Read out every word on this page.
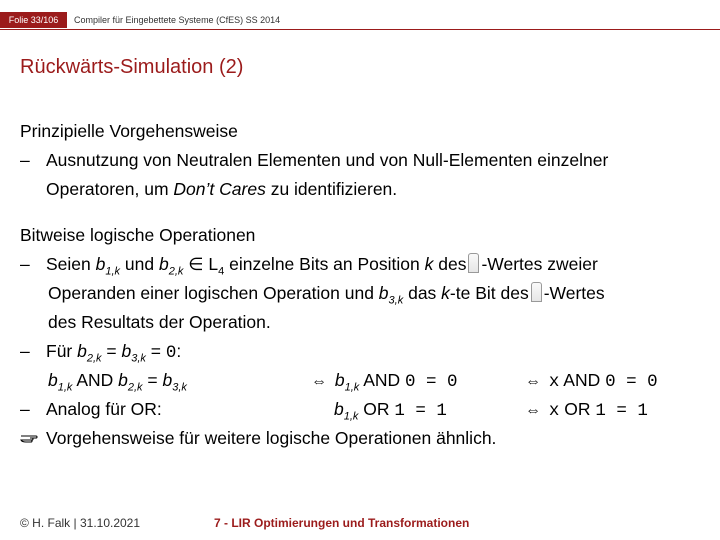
Folie 33/106	Compiler für Eingebettete Systeme (CfES) SS 2014
Rückwärts-Simulation (2)
Prinzipielle Vorgehensweise
– Ausnutzung von Neutralen Elementen und von Null-Elementen einzelner
Operatoren, um Don’t Cares zu identifizieren.
Bitweise logische Operationen
– Seien $b_{1,k}$ und $b_{2,k}$ ∈ $L_4$ einzelne Bits an Position k des -Wertes zweier
Operanden einer logischen Operation und $b_{3,k}$ das k-te Bit des -Wertes
des Resultats der Operation.
– Für $b_{2,k} = b_{3,k} = 0$:
$b_{1,k}$ AND $b_{2,k} = b_{3,k}$	⇔ $b_{1,k}$ AND 0 = 0	⇔ x AND 0 = 0
– Analog für OR:	$b_{1,k}$ OR 1 = 1	⇔ x OR 1 = 1
Vorgehensweise für weitere logische Operationen ähnlich.
© H. Falk | 31.10.2021	7 - LIR Optimierungen und Transformationen
